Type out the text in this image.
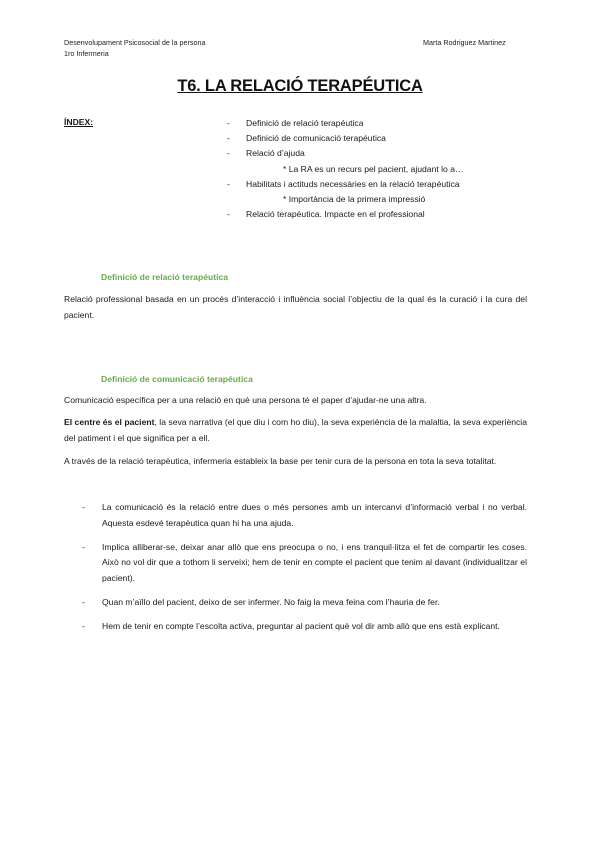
Desenvolupament Psicosocial de la persona
1ro Infermeria
Marta Rodriguez Martinez
T6. LA RELACIÓ TERAPÉUTICA
ÍNDEX:	- Definició de relació terapéutica
- Definició de comunicació terapéutica
- Relació d’ajuda
* La RA es un recurs pel pacient, ajudant lo a…
- Habilitats i actituds necessàries en la relació terapéutica
* Importància de la primera impressió
- Relació terapéutica. Impacte en el professional
Definició de relació terapéutica
Relació professional basada en un procés d’interacció i influència social l’objectiu de la qual és la curació i la cura del pacient.
Definició de comunicació terapéutica
Comunicació específica per a una relació en què una persona té el paper d’ajudar-ne una altra.
El centre és el pacient, la seva narrativa (el que diu i com ho diu), la seva experiència de la malaltia, la seva experiència del patiment i el que significa per a ell.
A través de la relació terapèutica, infermeria estableix la base per tenir cura de la persona en tota la seva totalitat.
- La comunicació és la relació entre dues o més persones amb un intercanvi d’informació verbal i no verbal. Aquesta esdevé terapèutica quan hi ha una ajuda.
- Implica alliberar-se, deixar anar allò que ens preocupa o no, i ens tranquil·litza el fet de compartir les coses. Això no vol dir que a tothom li serveixi; hem de tenir en compte el pacient que tenim al davant (individualitzar el pacient).
- Quan m’aïllo del pacient, deixo de ser infermer. No faig la meva feina com l’hauria de fer.
- Hem de tenir en compte l’escolta activa, preguntar al pacient què vol dir amb allò que ens està explicant.
